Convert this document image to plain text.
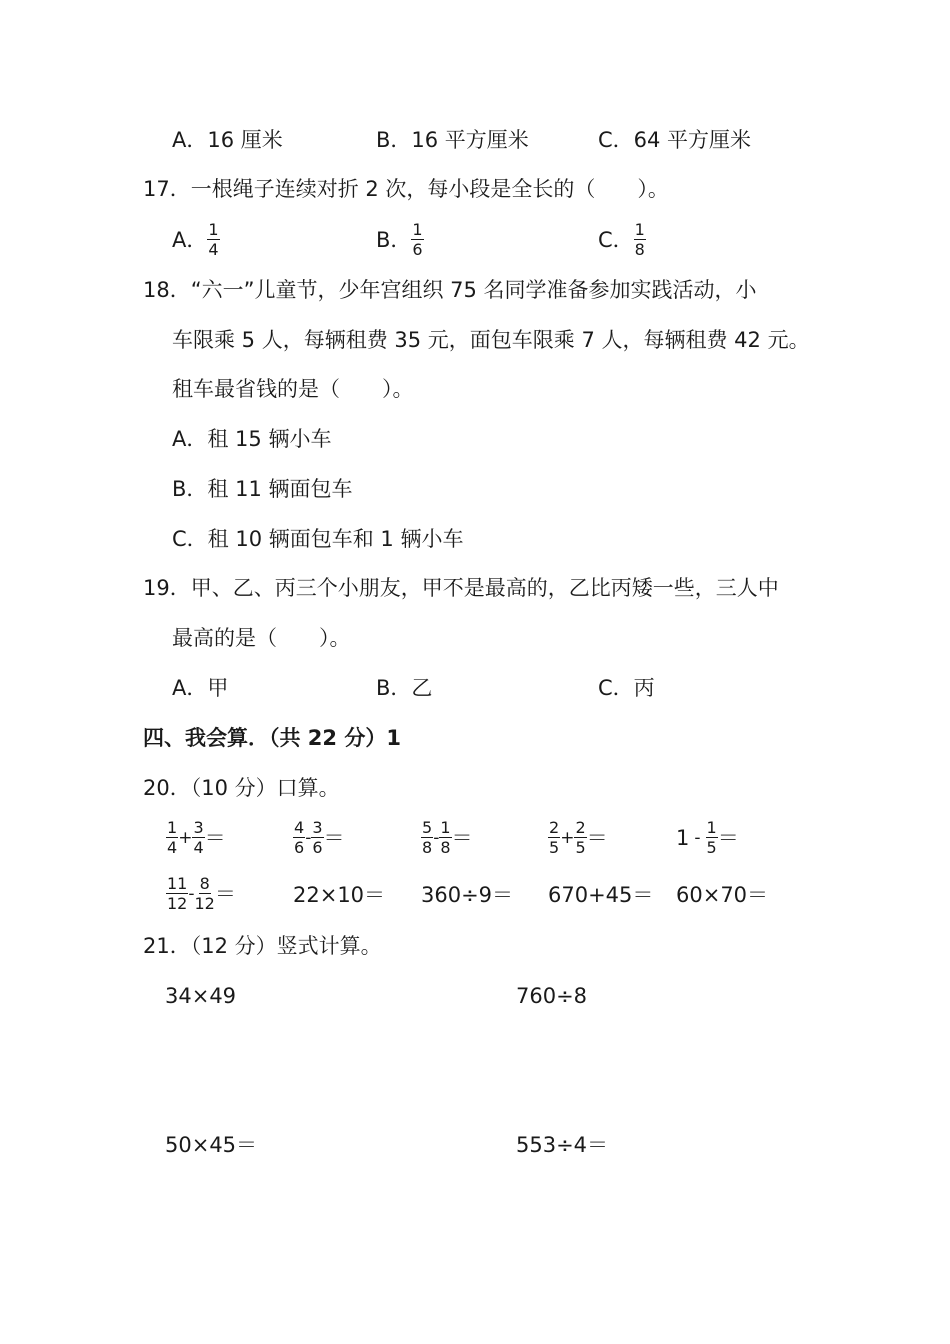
A．16 厘米	B．16 平方厘米	C．64 平方厘米
17．一根绳子连续对折 2 次，每小段是全长的（　　）。
A． $\frac{1}{4}$	B． $\frac{1}{6}$	C． $\frac{1}{8}$
18．“六一”儿童节，少年宫组织 75 名同学准备参加实践活动，小
车限乘 5 人，每辆租费 35 元，面包车限乘 7 人，每辆租费 42 元。
租车最省钱的是（　　）。
A．租 15 辆小车
B．租 11 辆面包车
C．租 10 辆面包车和 1 辆小车
19．甲、乙、丙三个小朋友，甲不是最高的，乙比丙矮一些，三人中
最高的是（　　）。
A．甲	B．乙	C．丙
四、我会算．（共 22 分）1
20．（10 分）口算。
$\frac{1}{4} + \frac{3}{4}$ ＝	$\frac{4}{6} - \frac{3}{6}$ ＝	$\frac{5}{8} - \frac{1}{8}$ ＝	$\frac{2}{5} + \frac{2}{5}$ ＝	$1 - \frac{1}{5}$ ＝
$\frac{11}{12} - \frac{8}{12}$ ＝	22×10＝ 360÷9＝ 670+45＝ 60×70＝
21．（12 分）竖式计算。
34×49	760÷8
50×45＝	553÷4＝
